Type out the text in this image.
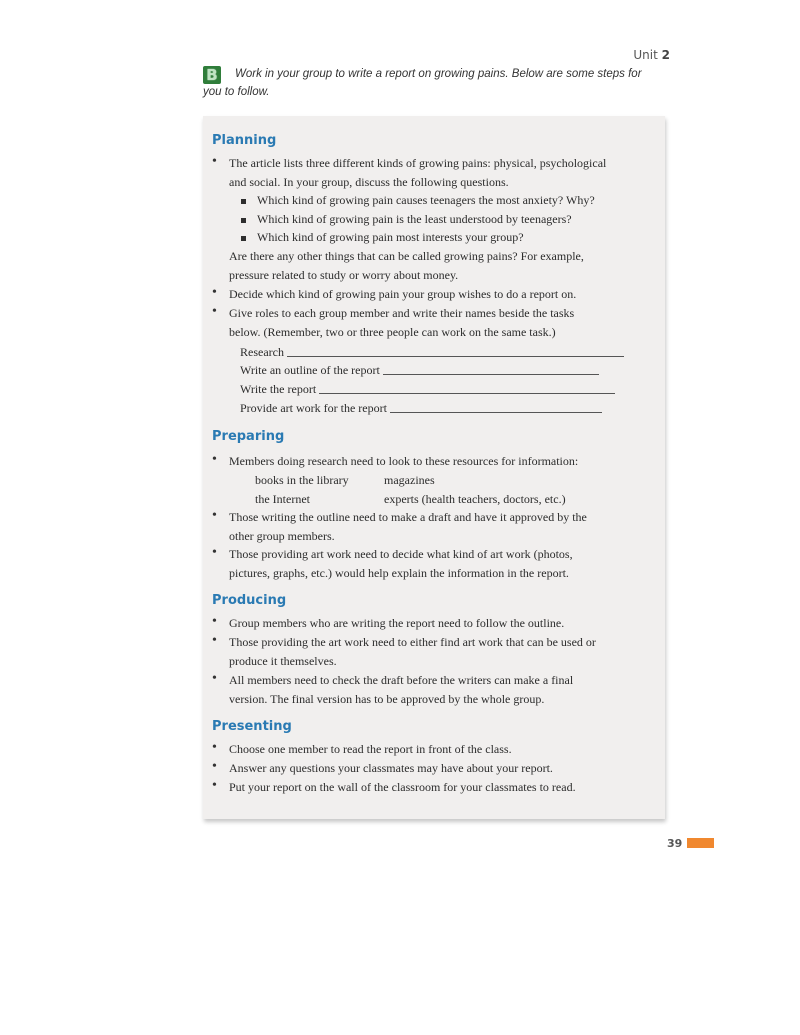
Unit 2
B Work in your group to write a report on growing pains. Below are some steps for you to follow.
Planning
• The article lists three different kinds of growing pains: physical, psychological
and social. In your group, discuss the following questions.
Which kind of growing pain causes teenagers the most anxiety? Why?
Which kind of growing pain is the least understood by teenagers?
Which kind of growing pain most interests your group?
Are there any other things that can be called growing pains? For example,
pressure related to study or worry about money.
• Decide which kind of growing pain your group wishes to do a report on.
• Give roles to each group member and write their names beside the tasks
below. (Remember, two or three people can work on the same task.)
Research
Write an outline of the report
Write the report
Provide art work for the report
Preparing
• Members doing research need to look to these resources for information:
books in the library	magazines
the Internet	experts (health teachers, doctors, etc.)
• Those writing the outline need to make a draft and have it approved by the
other group members.
• Those providing art work need to decide what kind of art work (photos,
pictures, graphs, etc.) would help explain the information in the report.
Producing
• Group members who are writing the report need to follow the outline.
• Those providing the art work need to either find art work that can be used or
produce it themselves.
• All members need to check the draft before the writers can make a final
version. The final version has to be approved by the whole group.
Presenting
• Choose one member to read the report in front of the class.
• Answer any questions your classmates may have about your report.
• Put your report on the wall of the classroom for your classmates to read.
39
